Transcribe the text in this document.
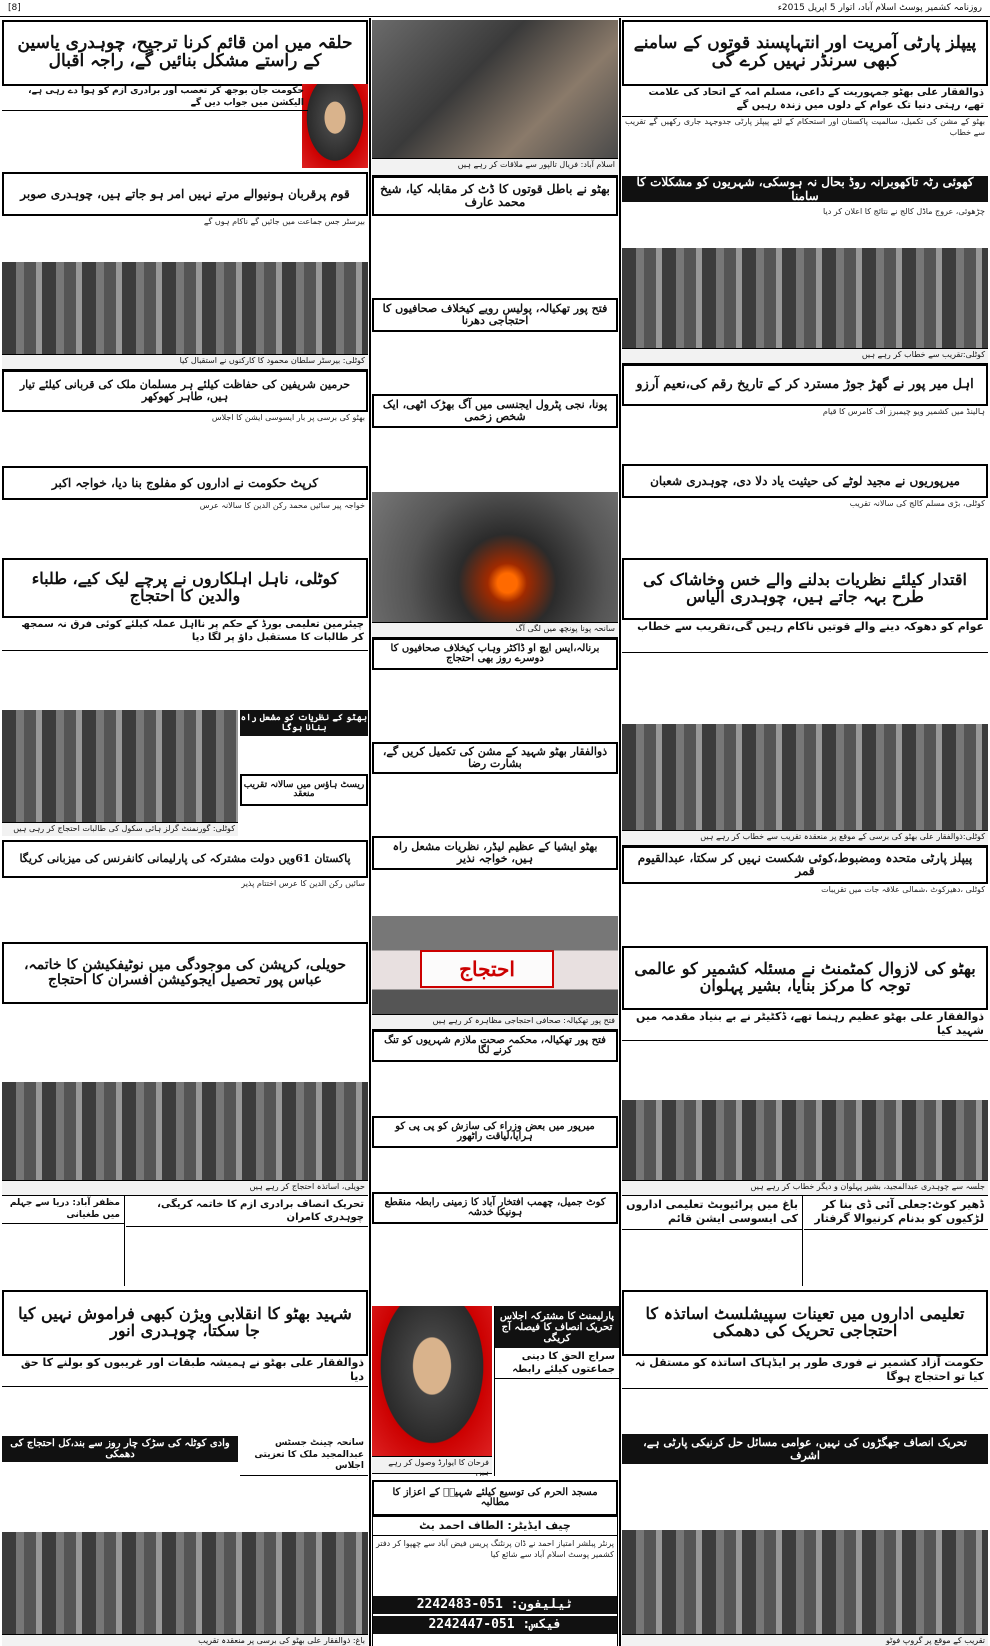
[8]	روزنامہ کشمیر پوسٹ اسلام آباد، اتوار 5 اپریل 2015ء
پیپلز پارٹی آمریت اور انتہاپسند قوتوں کے سامنے کبھی سرنڈر نہیں کرے گی
ذوالفقار علی بھٹو جمہوریت کے داعی، مسلم امہ کے اتحاد کی علامت تھے، رہتی دنیا تک عوام کے دلوں میں زندہ رہیں گے
بھٹو کے مشن کی تکمیل، سالمیت پاکستان اور استحکام کے لئے پیپلز پارٹی جدوجہد جاری رکھیں گے تقریب سے خطاب
کھوئی رٹہ تاکھوبرانہ روڈ بحال نہ ہوسکی، شہریوں کو مشکلات کا سامنا
چڑھوئی، عروج ماڈل کالج نے نتائج کا اعلان کر دیا
کوٹلی:تقریب سے خطاب کر رہے ہیں
اہل میر پور نے گھڑ جوڑ مسترد کر کے تاریخ رقم کی،نعیم آرزو
ہالینڈ میں کشمیر ویو چیمبرز آف کامرس کا قیام
میرپوریوں نے مجید لوٹے کی حیثیت یاد دلا دی، چوہدری شعبان
کوٹلی، بڑی مسلم کالج کی سالانہ تقریب
اقتدار کیلئے نظریات بدلنے والے خس وخاشاک کی طرح بہہ جاتے ہیں، چوہدری الیاس
عوام کو دھوکہ دینے والے قوتیں ناکام رہیں گی،تقریب سے خطاب
کوٹلی:ذوالفقار علی بھٹو کی برسی کے موقع پر منعقدہ تقریب سے خطاب کر رہے ہیں
پیپلز پارٹی متحدہ ومضبوط،کوئی شکست نہیں کر سکتا، عبدالقیوم قمر
کوٹلی ،دھیرکوٹ ،شمالی علاقہ جات میں تقریبات
بھٹو کی لازوال کمٹمنٹ نے مسئلہ کشمیر کو عالمی توجہ کا مرکز بنایا، بشیر پہلوان
ذوالفقار علی بھٹو عظیم رہنما تھے، ڈکٹیٹر نے بے بنیاد مقدمہ میں شہید کیا
جلسہ سے چوہدری عبدالمجید، بشیر پہلوان و دیگر خطاب کر رہے ہیں
باغ میں پرائیویٹ تعلیمی اداروں کی ایسوسی ایشن قائم
ڈھیر کوٹ:جعلی آئی ڈی بنا کر لڑکیوں کو بدنام کرنیوالا گرفتار
تعلیمی اداروں میں تعینات سپیشلسٹ اساتذہ کا احتجاجی تحریک کی دھمکی
حکومت آزاد کشمیر نے فوری طور پر ایڈہاک اساتذہ کو مستقل نہ کیا تو احتجاج ہوگا
تحریک انصاف جھگڑوں کی نہیں، عوامی مسائل حل کرنیکی پارٹی ہے، اشرف
تقریب کے موقع پر گروپ فوٹو
اسلام آباد: فریال تالپور سے ملاقات کر رہے ہیں
بھٹو نے باطل قوتوں کا ڈٹ کر مقابلہ کیا، شیخ محمد عارف
فتح پور تھکیالہ، پولیس رویے کیخلاف صحافیوں کا احتجاجی دھرنا
پونا، نجی پٹرول ایجنسی میں آگ بھڑک اٹھی، ایک شخص زخمی
سانحہ پونا پونچھ میں لگی آگ
برنالہ،ایس ایچ او ڈاکٹر وہاب کیخلاف صحافیوں کا دوسرے روز بھی احتجاج
ذوالفقار بھٹو شہید کے مشن کی تکمیل کریں گے، بشارت رضا
بھٹو ایشیا کے عظیم لیڈر، نظریات مشعل راہ ہیں، خواجہ نذیر
احتجاج
فتح پور تھکیالہ: صحافی احتجاجی مظاہرہ کر رہے ہیں
فتح پور تھکیالہ، محکمہ صحت ملازم شہریوں کو تنگ کرنے لگا
میرپور میں بعض وزراء کی سازش کو پی پی کو ہرایا،لیاقت راٹھور
کوٹ جمیل، چھمب افتخار آباد کا زمینی رابطہ منقطع ہونیکا خدشہ
فرحان کا ایوارڈ وصول کر رہے ہیں
پارلیمنٹ کا مشترکہ اجلاس تحریک انصاف کا فیصلہ آج کریگی
سراج الحق کا دینی جماعتوں کیلئے رابطہ
مسجد الحرم کی توسیع کیلئے شہیدؔ کے اعزاز کا مطالبہ
چیف ایڈیٹر: الطاف احمد بٹ
پرنٹر پبلشر امتیاز احمد نے ڈان پرنٹنگ پریس فیض آباد سے چھپوا کر دفتر کشمیر پوسٹ اسلام آباد سے شائع کیا
ٹیلیفون: 051-2242483
فیکس: 051-2242447
حلقہ میں امن قائم کرنا ترجیح، چوہدری یاسین کے راستے مشکل بنائیں گے، راجہ اقبال
حکومت جان بوجھ کر تعصب اور برادری ازم کو ہوا دے رہی ہے، الیکشن میں جواب دیں گے
قوم پرقربان ہونیوالے مرتے نہیں امر ہو جاتے ہیں، چوہدری صوبر
بیرسٹر جس جماعت میں جائیں گے ناکام ہوں گے
کوٹلی: بیرسٹر سلطان محمود کا کارکنوں نے استقبال کیا
حرمین شریفین کی حفاظت کیلئے ہر مسلمان ملک کی قربانی کیلئے تیار ہیں، طاہر کھوکھر
بھٹو کی برسی پر بار ایسوسی ایشن کا اجلاس
کرپٹ حکومت نے اداروں کو مفلوج بنا دیا، خواجہ اکبر
خواجہ پیر سائیں محمد رکن الدین کا سالانہ عرس
کوٹلی، ناہل اہلکاروں نے پرچے لیک کیے، طلباء والدین کا احتجاج
چیئرمین تعلیمی بورڈ کے حکم پر نااہل عملہ کیلئے کوئی فرق نہ سمجھ کر طالبات کا مستقبل داؤ پر لگا دیا
کوٹلی: گورنمنٹ گرلز ہائی سکول کی طالبات احتجاج کر رہی ہیں
بھٹو کے نظریات کو مشعل راہ بنانا ہوگا
ریسٹ ہاؤس میں سالانہ تقریب منعقد
پاکستان 61ویں دولت مشترکہ کی پارلیمانی کانفرنس کی میزبانی کریگا
سائیں رکن الدین کا عرس اختتام پذیر
حویلی، کرپشن کی موجودگی میں نوٹیفکیشن کا خاتمہ، عباس پور تحصیل ایجوکیشن افسران کا احتجاج
حویلی، اساتذہ احتجاج کر رہے ہیں
مظفر آباد: دریا سے جہلم میں طغیانی
تحریک انصاف برادری ازم کا خاتمہ کریگی، چوہدری کامران
شہید بھٹو کا انقلابی ویژن کبھی فراموش نہیں کیا جا سکتا، چوہدری انور
ذوالفقار علی بھٹو نے ہمیشہ طبقات اور غریبوں کو بولنے کا حق دیا
وادی کوٹلہ کی سڑک چار روز سے بند،کل احتجاج کی دھمکی
سانحہ چینٹ جسٹس عبدالمجید ملک کا تعزیتی اجلاس
باغ: ذوالفقار علی بھٹو کی برسی پر منعقدہ تقریب
